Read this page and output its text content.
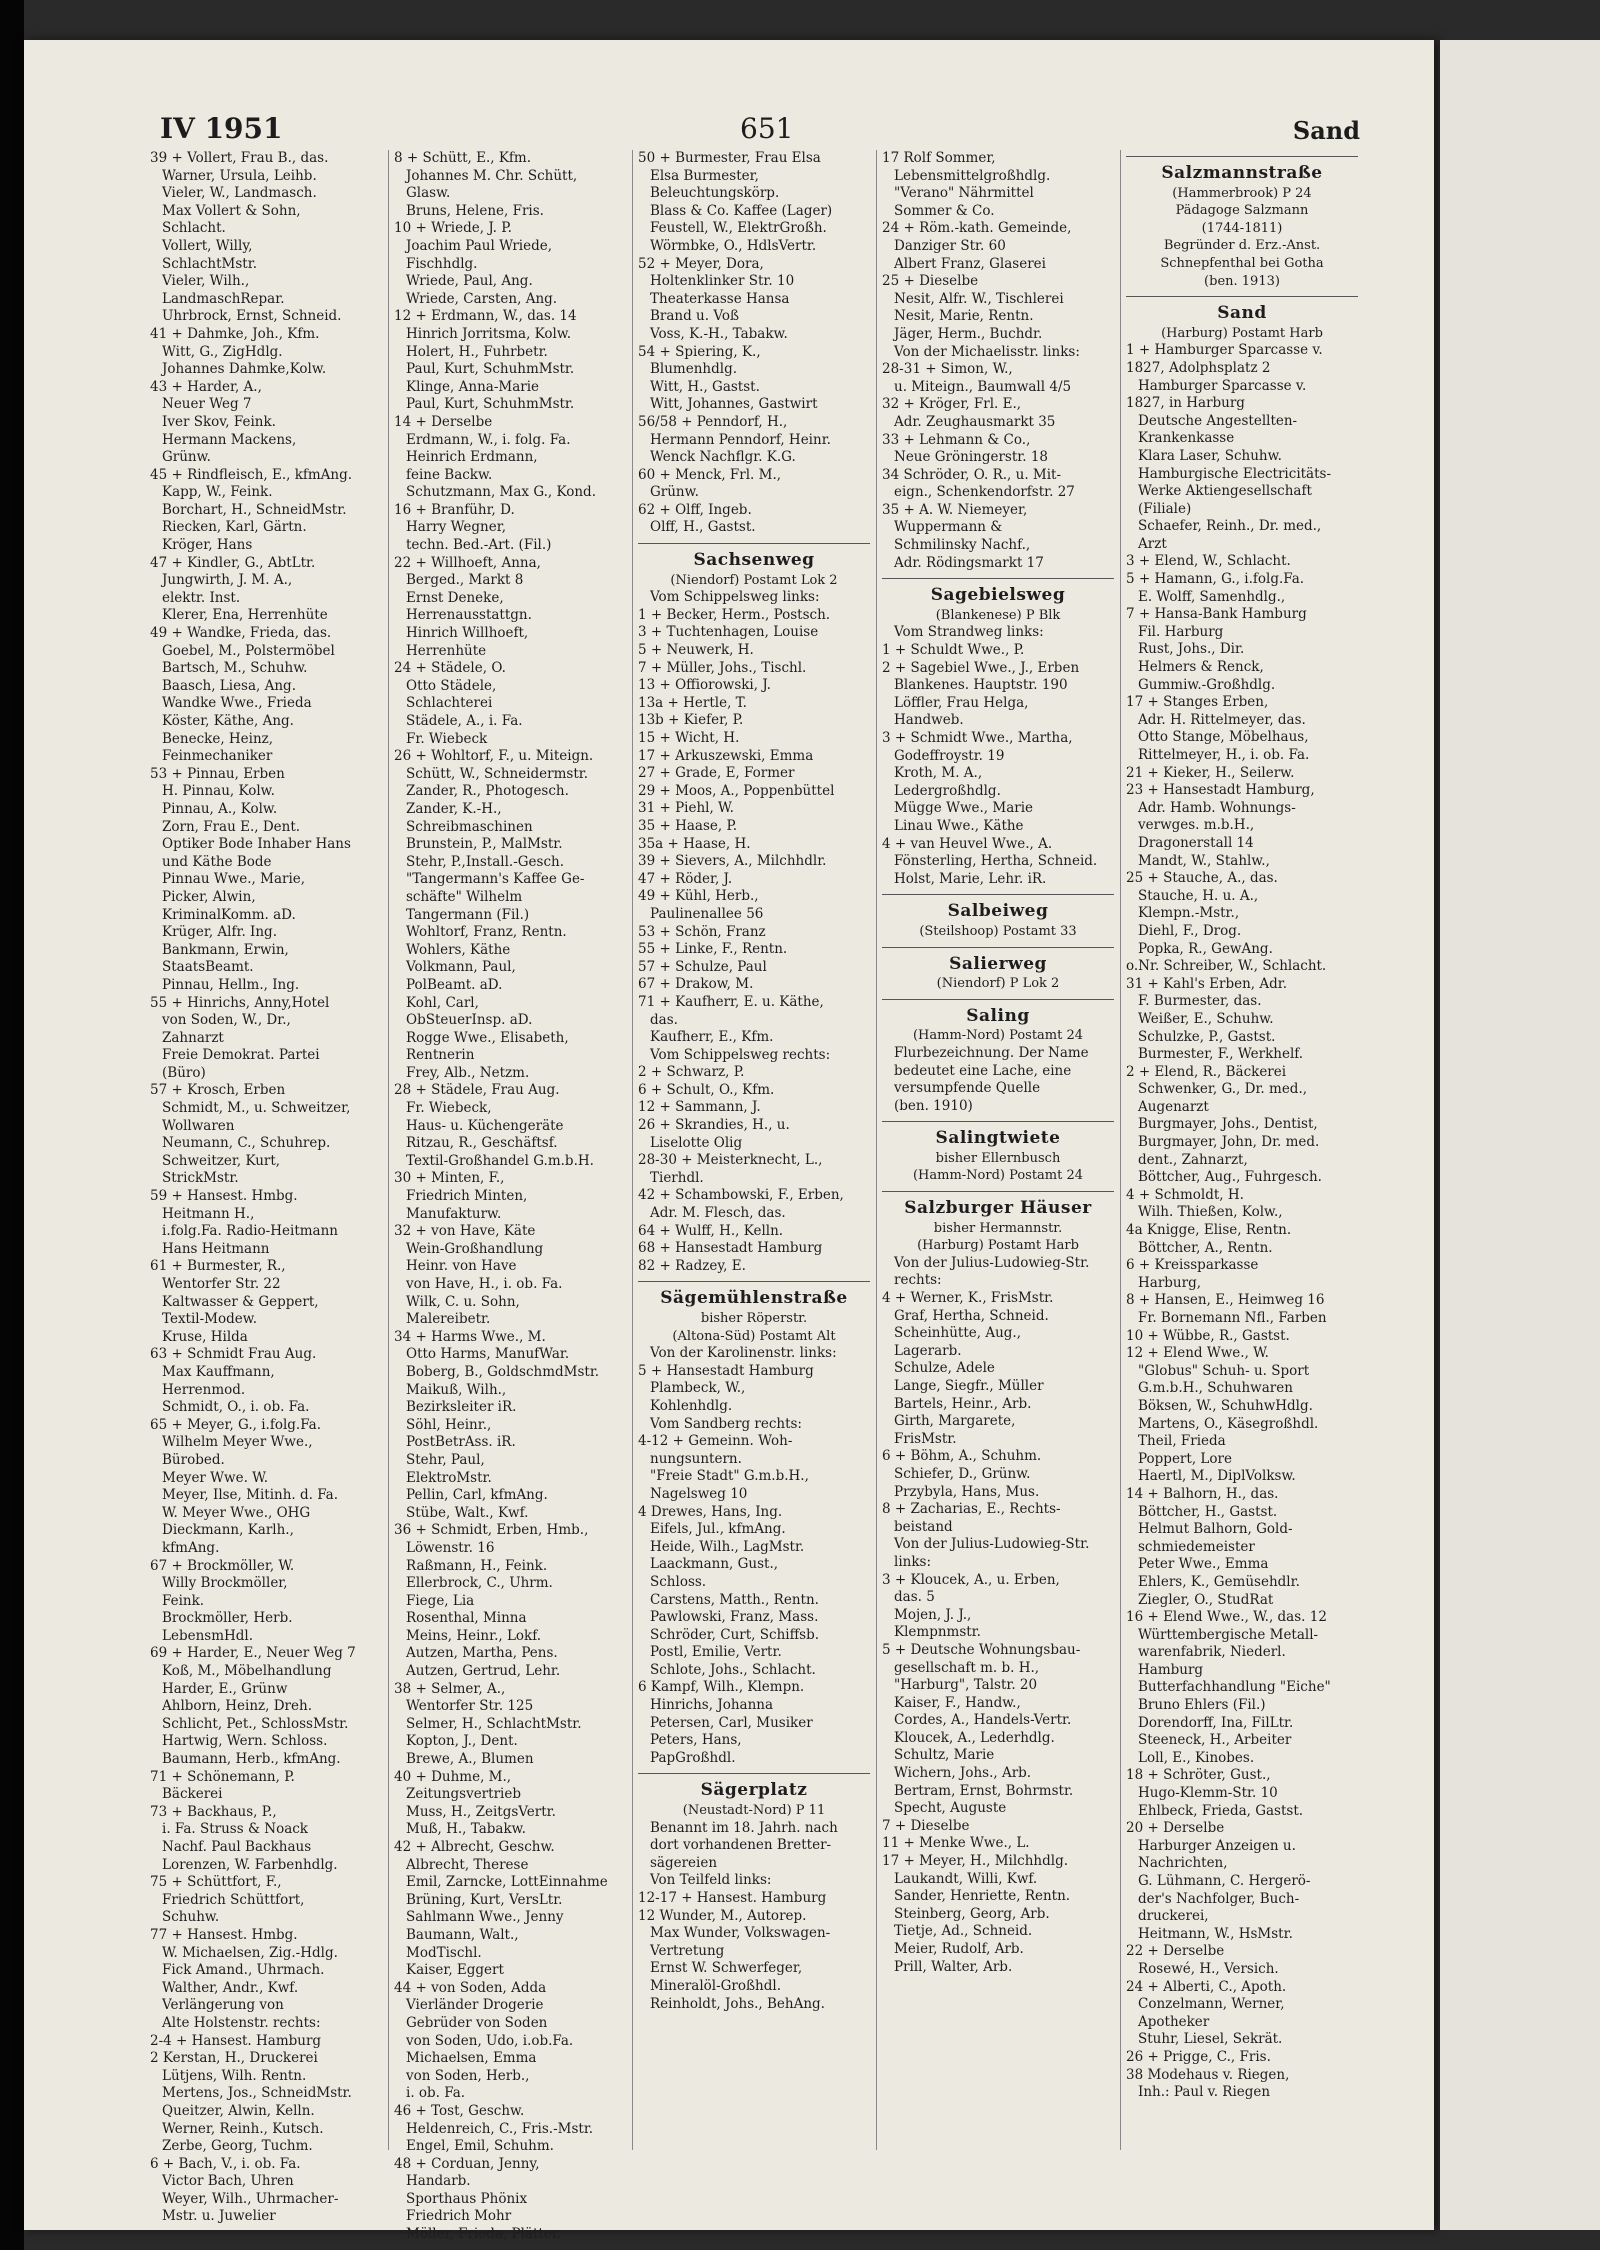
IV 1951	651	Sand
39 + Vollert, Frau B., das.
Warner, Ursula, Leihb.
Vieler, W., Landmasch.
Max Vollert & Sohn,
Schlacht.
Vollert, Willy,
SchlachtMstr.
Vieler, Wilh.,
LandmaschRepar.
Uhrbrock, Ernst, Schneid.
41 + Dahmke, Joh., Kfm.
Witt, G., ZigHdlg.
Johannes Dahmke,Kolw.
43 + Harder, A.,
Neuer Weg 7
Iver Skov, Feink.
Hermann Mackens,
Grünw.
45 + Rindfleisch, E., kfmAng.
Kapp, W., Feink.
Borchart, H., SchneidMstr.
Riecken, Karl, Gärtn.
Kröger, Hans
47 + Kindler, G., AbtLtr.
Jungwirth, J. M. A.,
elektr. Inst.
Klerer, Ena, Herrenhüte
49 + Wandke, Frieda, das.
Goebel, M., Polstermöbel
Bartsch, M., Schuhw.
Baasch, Liesa, Ang.
Wandke Wwe., Frieda
Köster, Käthe, Ang.
Benecke, Heinz,
Feinmechaniker
53 + Pinnau, Erben
H. Pinnau, Kolw.
Pinnau, A., Kolw.
Zorn, Frau E., Dent.
Optiker Bode Inhaber Hans
und Käthe Bode
Pinnau Wwe., Marie,
Picker, Alwin,
KriminalKomm. aD.
Krüger, Alfr. Ing.
Bankmann, Erwin,
StaatsBeamt.
Pinnau, Hellm., Ing.
55 + Hinrichs, Anny,Hotel
von Soden, W., Dr.,
Zahnarzt
Freie Demokrat. Partei
(Büro)
57 + Krosch, Erben
Schmidt, M., u. Schweitzer,
Wollwaren
Neumann, C., Schuhrep.
Schweitzer, Kurt,
StrickMstr.
59 + Hansest. Hmbg.
Heitmann H.,
i.folg.Fa. Radio-Heitmann
Hans Heitmann
61 + Burmester, R.,
Wentorfer Str. 22
Kaltwasser & Geppert,
Textil-Modew.
Kruse, Hilda
63 + Schmidt Frau Aug.
Max Kauffmann,
Herrenmod.
Schmidt, O., i. ob. Fa.
65 + Meyer, G., i.folg.Fa.
Wilhelm Meyer Wwe.,
Bürobed.
Meyer Wwe. W.
Meyer, Ilse, Mitinh. d. Fa.
W. Meyer Wwe., OHG
Dieckmann, Karlh.,
kfmAng.
67 + Brockmöller, W.
Willy Brockmöller,
Feink.
Brockmöller, Herb.
LebensmHdl.
69 + Harder, E., Neuer Weg 7
Koß, M., Möbelhandlung
Harder, E., Grünw
Ahlborn, Heinz, Dreh.
Schlicht, Pet., SchlossMstr.
Hartwig, Wern. Schloss.
Baumann, Herb., kfmAng.
71 + Schönemann, P.
Bäckerei
73 + Backhaus, P.,
i. Fa. Struss & Noack
Nachf. Paul Backhaus
Lorenzen, W. Farbenhdlg.
75 + Schüttfort, F.,
Friedrich Schüttfort,
Schuhw.
77 + Hansest. Hmbg.
W. Michaelsen, Zig.-Hdlg.
Fick Amand., Uhrmach.
Walther, Andr., Kwf.
Verlängerung von
Alte Holstenstr. rechts:
2-4 + Hansest. Hamburg
2 Kerstan, H., Druckerei
Lütjens, Wilh. Rentn.
Mertens, Jos., SchneidMstr.
Queitzer, Alwin, Kelln.
Werner, Reinh., Kutsch.
Zerbe, Georg, Tuchm.
6 + Bach, V., i. ob. Fa.
Victor Bach, Uhren
Weyer, Wilh., Uhrmacher-
Mstr. u. Juwelier
8 + Schütt, E., Kfm.
Johannes M. Chr. Schütt,
Glasw.
Bruns, Helene, Fris.
10 + Wriede, J. P.
Joachim Paul Wriede,
Fischhdlg.
Wriede, Paul, Ang.
Wriede, Carsten, Ang.
12 + Erdmann, W., das. 14
Hinrich Jorritsma, Kolw.
Holert, H., Fuhrbetr.
Paul, Kurt, SchuhmMstr.
Klinge, Anna-Marie
Paul, Kurt, SchuhmMstr.
14 + Derselbe
Erdmann, W., i. folg. Fa.
Heinrich Erdmann,
feine Backw.
Schutzmann, Max G., Kond.
16 + Branführ, D.
Harry Wegner,
techn. Bed.-Art. (Fil.)
22 + Willhoeft, Anna,
Berged., Markt 8
Ernst Deneke,
Herrenausstattgn.
Hinrich Willhoeft,
Herrenhüte
24 + Städele, O.
Otto Städele,
Schlachterei
Städele, A., i. Fa.
Fr. Wiebeck
26 + Wohltorf, F., u. Miteign.
Schütt, W., Schneidermstr.
Zander, R., Photogesch.
Zander, K.-H.,
Schreibmaschinen
Brunstein, P., MalMstr.
Stehr, P.,Install.-Gesch.
"Tangermann's Kaffee Ge-
schäfte" Wilhelm
Tangermann (Fil.)
Wohltorf, Franz, Rentn.
Wohlers, Käthe
Volkmann, Paul,
PolBeamt. aD.
Kohl, Carl,
ObSteuerInsp. aD.
Rogge Wwe., Elisabeth,
Rentnerin
Frey, Alb., Netzm.
28 + Städele, Frau Aug.
Fr. Wiebeck,
Haus- u. Küchengeräte
Ritzau, R., Geschäftsf.
Textil-Großhandel G.m.b.H.
30 + Minten, F.,
Friedrich Minten,
Manufakturw.
32 + von Have, Käte
Wein-Großhandlung
Heinr. von Have
von Have, H., i. ob. Fa.
Wilk, C. u. Sohn,
Malereibetr.
34 + Harms Wwe., M.
Otto Harms, ManufWar.
Boberg, B., GoldschmdMstr.
Maikuß, Wilh.,
Bezirksleiter iR.
Söhl, Heinr.,
PostBetrAss. iR.
Stehr, Paul,
ElektroMstr.
Pellin, Carl, kfmAng.
Stübe, Walt., Kwf.
36 + Schmidt, Erben, Hmb.,
Löwenstr. 16
Raßmann, H., Feink.
Ellerbrock, C., Uhrm.
Fiege, Lia
Rosenthal, Minna
Meins, Heinr., Lokf.
Autzen, Martha, Pens.
Autzen, Gertrud, Lehr.
38 + Selmer, A.,
Wentorfer Str. 125
Selmer, H., SchlachtMstr.
Kopton, J., Dent.
Brewe, A., Blumen
40 + Duhme, M.,
Zeitungsvertrieb
Muss, H., ZeitgsVertr.
Muß, H., Tabakw.
42 + Albrecht, Geschw.
Albrecht, Therese
Emil, Zarncke, LottEinnahme
Brüning, Kurt, VersLtr.
Sahlmann Wwe., Jenny
Baumann, Walt.,
ModTischl.
Kaiser, Eggert
44 + von Soden, Adda
Vierländer Drogerie
Gebrüder von Soden
von Soden, Udo, i.ob.Fa.
Michaelsen, Emma
von Soden, Herb.,
i. ob. Fa.
46 + Tost, Geschw.
Heldenreich, C., Fris.-Mstr.
Engel, Emil, Schuhm.
48 + Corduan, Jenny,
Handarb.
Sporthaus Phönix
Friedrich Mohr
Möller, Frieda, Plätter.
50 + Burmester, Frau Elsa
Elsa Burmester,
Beleuchtungskörp.
Blass & Co. Kaffee (Lager)
Feustell, W., ElektrGroßh.
Wörmbke, O., HdlsVertr.
52 + Meyer, Dora,
Holtenklinker Str. 10
Theaterkasse Hansa
Brand u. Voß
Voss, K.-H., Tabakw.
54 + Spiering, K.,
Blumenhdlg.
Witt, H., Gastst.
Witt, Johannes, Gastwirt
56/58 + Penndorf, H.,
Hermann Penndorf, Heinr.
Wenck Nachflgr. K.G.
60 + Menck, Frl. M.,
Grünw.
62 + Olff, Ingeb.
Olff, H., Gastst.
Sachsenweg
(Niendorf) Postamt Lok 2
Vom Schippelsweg links:
1 + Becker, Herm., Postsch.
3 + Tuchtenhagen, Louise
5 + Neuwerk, H.
7 + Müller, Johs., Tischl.
13 + Offiorowski, J.
13a + Hertle, T.
13b + Kiefer, P.
15 + Wicht, H.
17 + Arkuszewski, Emma
27 + Grade, E, Former
29 + Moos, A., Poppenbüttel
31 + Piehl, W.
35 + Haase, P.
35a + Haase, H.
39 + Sievers, A., Milchhdlr.
47 + Röder, J.
49 + Kühl, Herb.,
Paulinenallee 56
53 + Schön, Franz
55 + Linke, F., Rentn.
57 + Schulze, Paul
67 + Drakow, M.
71 + Kaufherr, E. u. Käthe,
das.
Kaufherr, E., Kfm.
Vom Schippelsweg rechts:
2 + Schwarz, P.
6 + Schult, O., Kfm.
12 + Sammann, J.
26 + Skrandies, H., u.
Liselotte Olig
28-30 + Meisterknecht, L.,
Tierhdl.
42 + Schambowski, F., Erben,
Adr. M. Flesch, das.
64 + Wulff, H., Kelln.
68 + Hansestadt Hamburg
82 + Radzey, E.
Sägemühlenstraße
bisher Röperstr.
(Altona-Süd) Postamt Alt
Von der Karolinenstr. links:
5 + Hansestadt Hamburg
Plambeck, W.,
Kohlenhdlg.
Vom Sandberg rechts:
4-12 + Gemeinn. Woh-
nungsuntern.
"Freie Stadt" G.m.b.H.,
Nagelsweg 10
4 Drewes, Hans, Ing.
Eifels, Jul., kfmAng.
Heide, Wilh., LagMstr.
Laackmann, Gust.,
Schloss.
Carstens, Matth., Rentn.
Pawlowski, Franz, Mass.
Schröder, Curt, Schiffsb.
Postl, Emilie, Vertr.
Schlote, Johs., Schlacht.
6 Kampf, Wilh., Klempn.
Hinrichs, Johanna
Petersen, Carl, Musiker
Peters, Hans,
PapGroßhdl.
Sägerplatz
(Neustadt-Nord) P 11
Benannt im 18. Jahrh. nach
dort vorhandenen Bretter-
sägereien
Von Teilfeld links:
12-17 + Hansest. Hamburg
12 Wunder, M., Autorep.
Max Wunder, Volkswagen-
Vertretung
Ernst W. Schwerfeger,
Mineralöl-Großhdl.
Reinholdt, Johs., BehAng.
17 Rolf Sommer,
Lebensmittelgroßhdlg.
"Verano" Nährmittel
Sommer & Co.
24 + Röm.-kath. Gemeinde,
Danziger Str. 60
Albert Franz, Glaserei
25 + Dieselbe
Nesit, Alfr. W., Tischlerei
Nesit, Marie, Rentn.
Jäger, Herm., Buchdr.
Von der Michaelisstr. links:
28-31 + Simon, W.,
u. Miteign., Baumwall 4/5
32 + Kröger, Frl. E.,
Adr. Zeughausmarkt 35
33 + Lehmann & Co.,
Neue Gröningerstr. 18
34 Schröder, O. R., u. Mit-
eign., Schenkendorfstr. 27
35 + A. W. Niemeyer,
Wuppermann &
Schmilinsky Nachf.,
Adr. Rödingsmarkt 17
Sagebielsweg
(Blankenese) P Blk
Vom Strandweg links:
1 + Schuldt Wwe., P.
2 + Sagebiel Wwe., J., Erben
Blankenes. Hauptstr. 190
Löffler, Frau Helga,
Handweb.
3 + Schmidt Wwe., Martha,
Godeffroystr. 19
Kroth, M. A.,
Ledergroßhdlg.
Mügge Wwe., Marie
Linau Wwe., Käthe
4 + van Heuvel Wwe., A.
Fönsterling, Hertha, Schneid.
Holst, Marie, Lehr. iR.
Salbeiweg
(Steilshoop) Postamt 33
Salierweg
(Niendorf) P Lok 2
Saling
(Hamm-Nord) Postamt 24
Flurbezeichnung. Der Name
bedeutet eine Lache, eine
versumpfende Quelle
(ben. 1910)
Salingtwiete
bisher Ellernbusch
(Hamm-Nord) Postamt 24
Salzburger Häuser
bisher Hermannstr.
(Harburg) Postamt Harb
Von der Julius-Ludowieg-Str.
rechts:
4 + Werner, K., FrisMstr.
Graf, Hertha, Schneid.
Scheinhütte, Aug.,
Lagerarb.
Schulze, Adele
Lange, Siegfr., Müller
Bartels, Heinr., Arb.
Girth, Margarete,
FrisMstr.
6 + Böhm, A., Schuhm.
Schiefer, D., Grünw.
Przybyla, Hans, Mus.
8 + Zacharias, E., Rechts-
beistand
Von der Julius-Ludowieg-Str.
links:
3 + Kloucek, A., u. Erben,
das. 5
Mojen, J. J.,
Klempnmstr.
5 + Deutsche Wohnungsbau-
gesellschaft m. b. H.,
"Harburg", Talstr. 20
Kaiser, F., Handw.,
Cordes, A., Handels-Vertr.
Kloucek, A., Lederhdlg.
Schultz, Marie
Wichern, Johs., Arb.
Bertram, Ernst, Bohrmstr.
Specht, Auguste
7 + Dieselbe
11 + Menke Wwe., L.
17 + Meyer, H., Milchhdlg.
Laukandt, Willi, Kwf.
Sander, Henriette, Rentn.
Steinberg, Georg, Arb.
Tietje, Ad., Schneid.
Meier, Rudolf, Arb.
Prill, Walter, Arb.
Salzmannstraße
(Hammerbrook) P 24
Pädagoge Salzmann
(1744-1811)
Begründer d. Erz.-Anst.
Schnepfenthal bei Gotha
(ben. 1913)
Sand
(Harburg) Postamt Harb
1 + Hamburger Sparcasse v.
1827, Adolphsplatz 2
Hamburger Sparcasse v.
1827, in Harburg
Deutsche Angestellten-
Krankenkasse
Klara Laser, Schuhw.
Hamburgische Electricitäts-
Werke Aktiengesellschaft
(Filiale)
Schaefer, Reinh., Dr. med.,
Arzt
3 + Elend, W., Schlacht.
5 + Hamann, G., i.folg.Fa.
E. Wolff, Samenhdlg.,
7 + Hansa-Bank Hamburg
Fil. Harburg
Rust, Johs., Dir.
Helmers & Renck,
Gummiw.-Großhdlg.
17 + Stanges Erben,
Adr. H. Rittelmeyer, das.
Otto Stange, Möbelhaus,
Rittelmeyer, H., i. ob. Fa.
21 + Kieker, H., Seilerw.
23 + Hansestadt Hamburg,
Adr. Hamb. Wohnungs-
verwges. m.b.H.,
Dragonerstall 14
Mandt, W., Stahlw.,
25 + Stauche, A., das.
Stauche, H. u. A.,
Klempn.-Mstr.,
Diehl, F., Drog.
Popka, R., GewAng.
o.Nr. Schreiber, W., Schlacht.
31 + Kahl's Erben, Adr.
F. Burmester, das.
Weißer, E., Schuhw.
Schulzke, P., Gastst.
Burmester, F., Werkhelf.
2 + Elend, R., Bäckerei
Schwenker, G., Dr. med.,
Augenarzt
Burgmayer, Johs., Dentist,
Burgmayer, John, Dr. med.
dent., Zahnarzt,
Böttcher, Aug., Fuhrgesch.
4 + Schmoldt, H.
Wilh. Thießen, Kolw.,
4a Knigge, Elise, Rentn.
Böttcher, A., Rentn.
6 + Kreissparkasse
Harburg,
8 + Hansen, E., Heimweg 16
Fr. Bornemann Nfl., Farben
10 + Wübbe, R., Gastst.
12 + Elend Wwe., W.
"Globus" Schuh- u. Sport
G.m.b.H., Schuhwaren
Böksen, W., SchuhwHdlg.
Martens, O., Käsegroßhdl.
Theil, Frieda
Poppert, Lore
Haertl, M., DiplVolksw.
14 + Balhorn, H., das.
Böttcher, H., Gastst.
Helmut Balhorn, Gold-
schmiedemeister
Peter Wwe., Emma
Ehlers, K., Gemüsehdlr.
Ziegler, O., StudRat
16 + Elend Wwe., W., das. 12
Württembergische Metall-
warenfabrik, Niederl.
Hamburg
Butterfachhandlung "Eiche"
Bruno Ehlers (Fil.)
Dorendorff, Ina, FilLtr.
Steeneck, H., Arbeiter
Loll, E., Kinobes.
18 + Schröter, Gust.,
Hugo-Klemm-Str. 10
Ehlbeck, Frieda, Gastst.
20 + Derselbe
Harburger Anzeigen u.
Nachrichten,
G. Lühmann, C. Hergerö-
der's Nachfolger, Buch-
druckerei,
Heitmann, W., HsMstr.
22 + Derselbe
Rosewé, H., Versich.
24 + Alberti, C., Apoth.
Conzelmann, Werner,
Apotheker
Stuhr, Liesel, Sekrät.
26 + Prigge, C., Fris.
38 Modehaus v. Riegen,
Inh.: Paul v. Riegen
